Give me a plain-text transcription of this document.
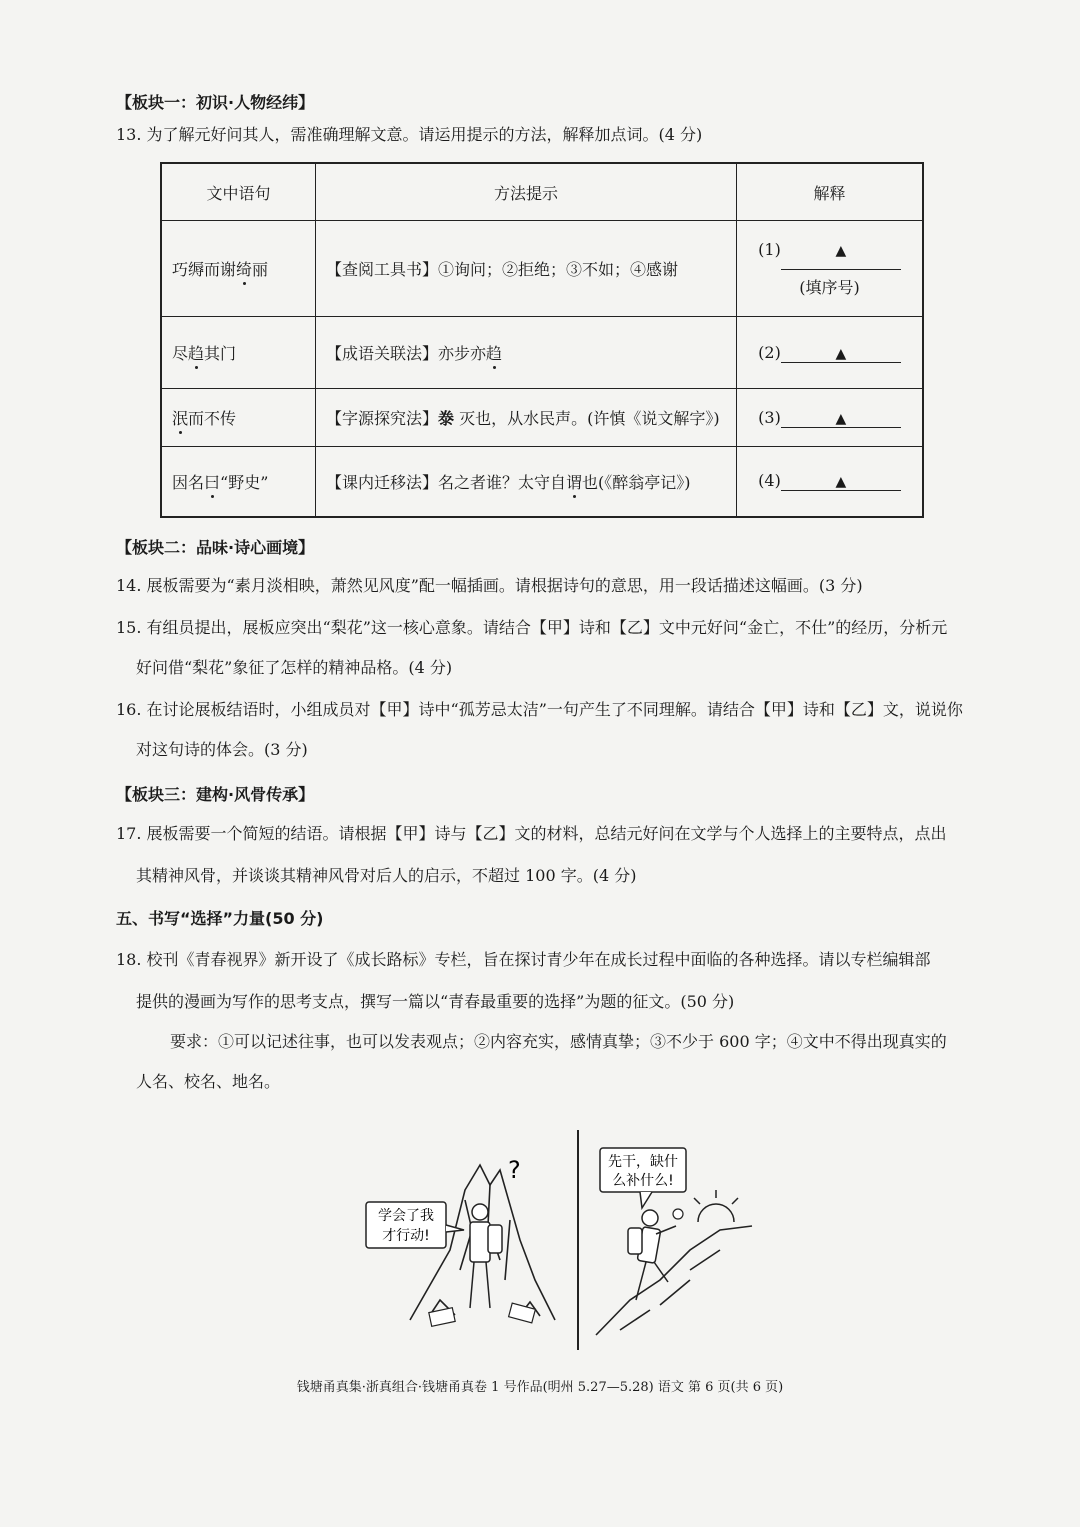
【板块一：初识·人物经纬】
13. 为了解元好问其人，需准确理解文意。请运用提示的方法，解释加点词。(4 分)
文中语句	方法提示	解释
巧缛而谢绮丽	【查阅工具书】①询问；②拒绝；③不如；④感谢	(1) ▲
(填序号)

尽趋其门	【成语关联法】亦步亦趋	(2) ▲
泯而不传	【字源探究法】𣳾 灭也，从水民声。(许慎《说文解字》)	(3) ▲
因名曰“野史”	【课内迁移法】名之者谁？太守自谓也(《醉翁亭记》)	(4) ▲
【板块二：品味·诗心画境】
14. 展板需要为“素月淡相映，萧然见风度”配一幅插画。请根据诗句的意思，用一段话描述这幅画。(3 分)
15. 有组员提出，展板应突出“梨花”这一核心意象。请结合【甲】诗和【乙】文中元好问“金亡，不仕”的经历，分析元
好问借“梨花”象征了怎样的精神品格。(4 分)
16. 在讨论展板结语时，小组成员对【甲】诗中“孤芳忌太洁”一句产生了不同理解。请结合【甲】诗和【乙】文，说说你
对这句诗的体会。(3 分)
【板块三：建构·风骨传承】
17. 展板需要一个简短的结语。请根据【甲】诗与【乙】文的材料，总结元好问在文学与个人选择上的主要特点，点出
其精神风骨，并谈谈其精神风骨对后人的启示，不超过 100 字。(4 分)
五、书写“选择”力量(50 分)
18. 校刊《青春视界》新开设了《成长路标》专栏，旨在探讨青少年在成长过程中面临的各种选择。请以专栏编辑部
提供的漫画为写作的思考支点，撰写一篇以“青春最重要的选择”为题的征文。(50 分)
要求：①可以记述往事，也可以发表观点；②内容充实，感情真挚；③不少于 600 字；④文中不得出现真实的
人名、校名、地名。
学会了我
才行动!
?	先干，缺什
么补什么!
钱塘甬真集·浙真组合·钱塘甬真卷 1 号作品(明州 5.27—5.28) 语文 第 6 页(共 6 页)
